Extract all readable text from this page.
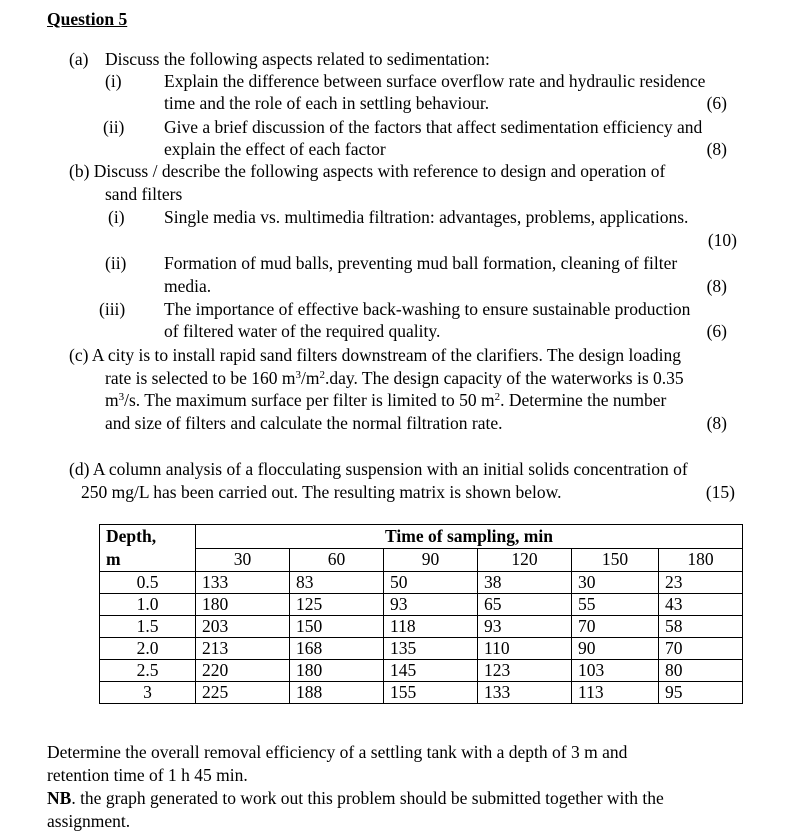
Question 5
(a) Discuss the following aspects related to sedimentation:
(i) Explain the difference between surface overflow rate and hydraulic residence
time and the role of each in settling behaviour.	(6)
(ii) Give a brief discussion of the factors that affect sedimentation efficiency and
explain the effect of each factor	(8)
(b) Discuss / describe the following aspects with reference to design and operation of
sand filters
(i) Single media vs. multimedia filtration: advantages, problems, applications.
(10)
(ii) Formation of mud balls, preventing mud ball formation, cleaning of filter
media.	(8)
(iii) The importance of effective back-washing to ensure sustainable production
of filtered water of the required quality.	(6)
(c) A city is to install rapid sand filters downstream of the clarifiers. The design loading
rate is selected to be 160 $m^3/m^2.day$. The design capacity of the waterworks is 0.35
$m^3/s$. The maximum surface per filter is limited to 50 $m^2$. Determine the number
and size of filters and calculate the normal filtration rate.	(8)
(d) A column analysis of a flocculating suspension with an initial solids concentration of
250 mg/L has been carried out. The resulting matrix is shown below.	(15)
Depth,
m	Time of sampling, min					
	30	60	90	120	150	180
0.5	133	83	50	38	30	23
1.0	180	125	93	65	55	43
1.5	203	150	118	93	70	58
2.0	213	168	135	110	90	70
2.5	220	180	145	123	103	80
3	225	188	155	133	113	95
Determine the overall removal efficiency of a settling tank with a depth of 3 m and
retention time of 1 h 45 min.
NB. the graph generated to work out this problem should be submitted together with the
assignment.
